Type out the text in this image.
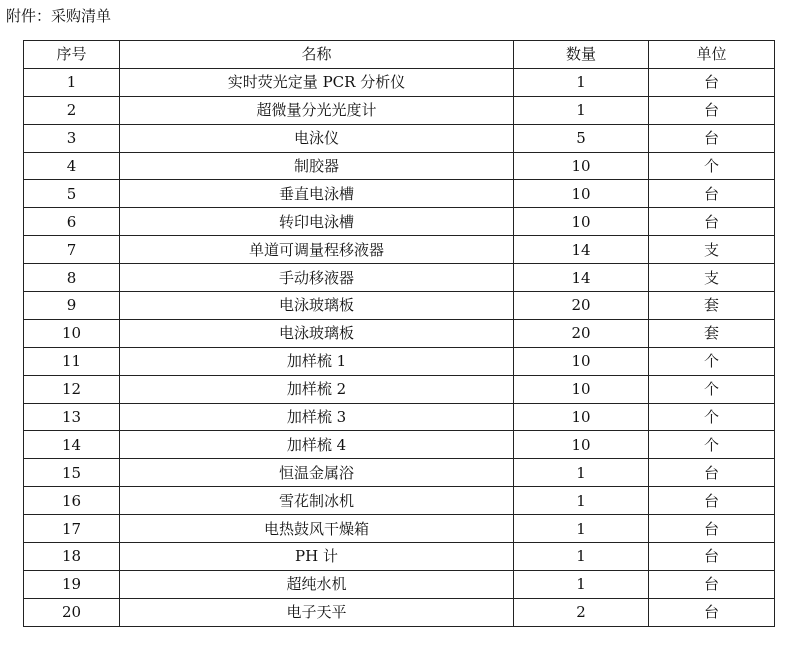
附件：采购清单
序号	名称	数量	单位
1	实时荧光定量 PCR 分析仪	1	台
2	超微量分光光度计	1	台
3	电泳仪	5	台
4	制胶器	10	个
5	垂直电泳槽	10	台
6	转印电泳槽	10	台
7	单道可调量程移液器	14	支
8	手动移液器	14	支
9	电泳玻璃板	20	套
10	电泳玻璃板	20	套
11	加样梳 1	10	个
12	加样梳 2	10	个
13	加样梳 3	10	个
14	加样梳 4	10	个
15	恒温金属浴	1	台
16	雪花制冰机	1	台
17	电热鼓风干燥箱	1	台
18	PH 计	1	台
19	超纯水机	1	台
20	电子天平	2	台
